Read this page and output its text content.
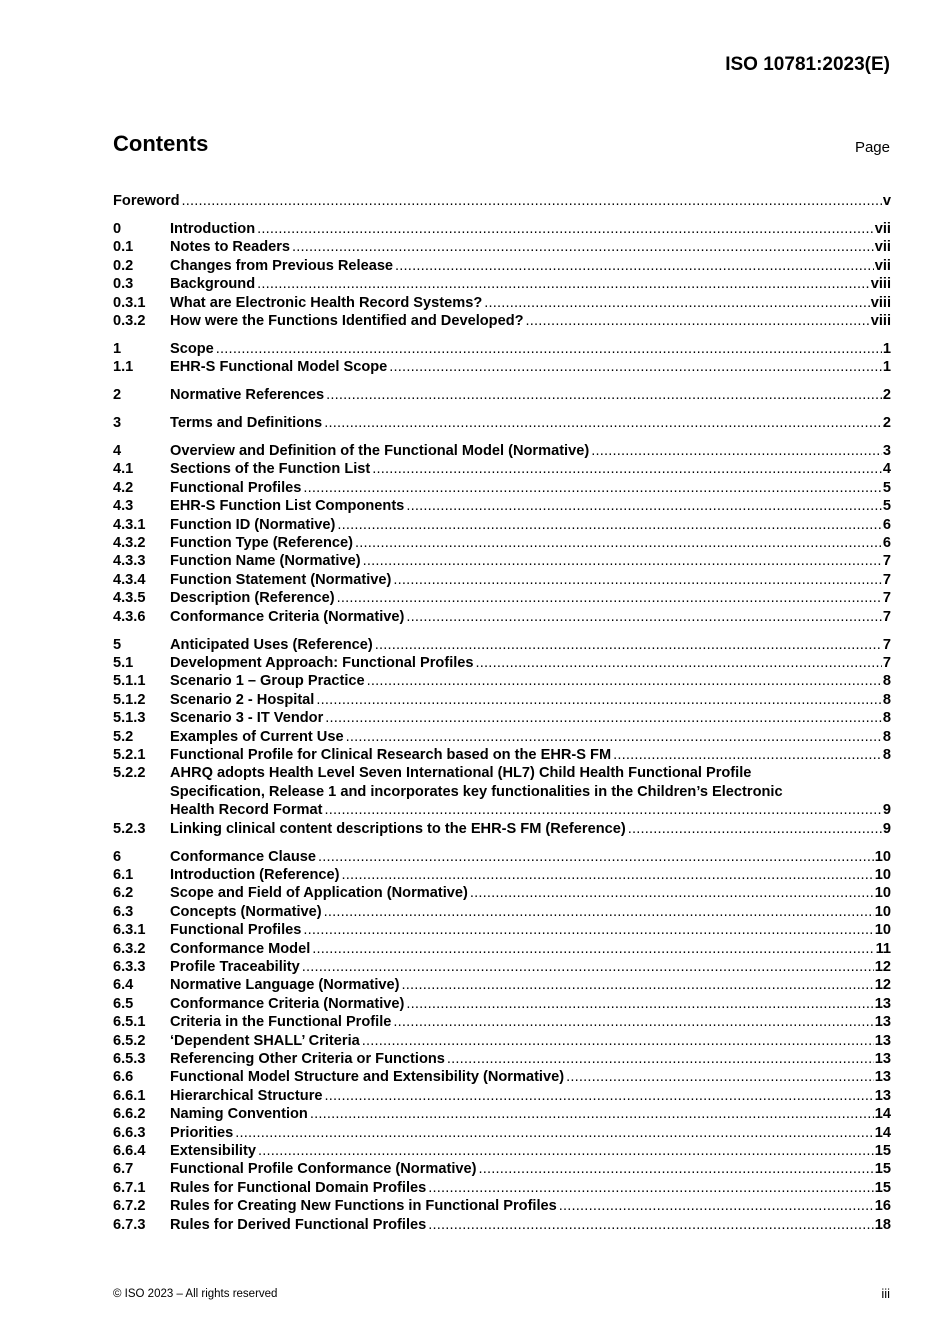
ISO 10781:2023(E)
Contents	Page
Foreword .....	v
0	Introduction .....	vii
0.1	Notes to Readers .....	vii
0.2	Changes from Previous Release .....	vii
0.3	Background .....	viii
0.3.1	What are Electronic Health Record Systems? .....	viii
0.3.2	How were the Functions Identified and Developed? .....	viii
1	Scope .....	1
1.1	EHR-S Functional Model Scope .....	1
2	Normative References .....	2
3	Terms and Definitions .....	2
4	Overview and Definition of the Functional Model (Normative) .....	3
4.1	Sections of the Function List .....	4
4.2	Functional Profiles .....	5
4.3	EHR-S Function List Components .....	5
4.3.1	Function ID (Normative) .....	6
4.3.2	Function Type (Reference) .....	6
4.3.3	Function Name (Normative) .....	7
4.3.4	Function Statement (Normative) .....	7
4.3.5	Description (Reference) .....	7
4.3.6	Conformance Criteria (Normative) .....	7
5	Anticipated Uses (Reference) .....	7
5.1	Development Approach: Functional Profiles .....	7
5.1.1	Scenario 1 – Group Practice .....	8
5.1.2	Scenario 2 - Hospital .....	8
5.1.3	Scenario 3 - IT Vendor .....	8
5.2	Examples of Current Use .....	8
5.2.1	Functional Profile for Clinical Research based on the EHR-S FM .....	8
5.2.2	AHRQ adopts Health Level Seven International (HL7) Child Health Functional Profile
Specification, Release 1 and incorporates key functionalities in the Children’s Electronic
Health Record Format .....	9
5.2.3	Linking clinical content descriptions to the EHR-S FM (Reference) .....	9
6	Conformance Clause .....	10
6.1	Introduction (Reference) .....	10
6.2	Scope and Field of Application (Normative) .....	10
6.3	Concepts (Normative) .....	10
6.3.1	Functional Profiles .....	10
6.3.2	Conformance Model .....	11
6.3.3	Profile Traceability .....	12
6.4	Normative Language (Normative) .....	12
6.5	Conformance Criteria (Normative) .....	13
6.5.1	Criteria in the Functional Profile .....	13
6.5.2	‘Dependent SHALL’ Criteria .....	13
6.5.3	Referencing Other Criteria or Functions .....	13
6.6	Functional Model Structure and Extensibility (Normative) .....	13
6.6.1	Hierarchical Structure .....	13
6.6.2	Naming Convention .....	14
6.6.3	Priorities .....	14
6.6.4	Extensibility .....	15
6.7	Functional Profile Conformance (Normative) .....	15
6.7.1	Rules for Functional Domain Profiles .....	15
6.7.2	Rules for Creating New Functions in Functional Profiles .....	16
6.7.3	Rules for Derived Functional Profiles .....	18
© ISO 2023 – All rights reserved	iii
